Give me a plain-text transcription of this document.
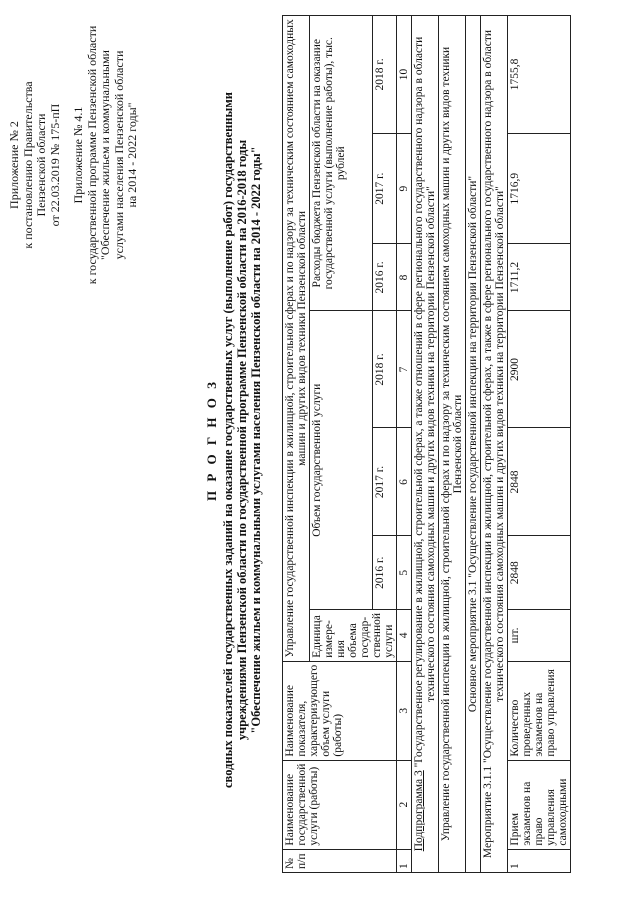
Приложение № 2 к постановлению Правительства Пензенской области от 22.03.2019 № 175-пП Приложение № 4.1 к государственной программе Пензенской области "Обеспечение жильем и коммунальными услугами населения Пензенской области на 2014 - 2022 годы"
П Р О Г Н О З сводных показателей государственных заданий на оказание государственных услуг (выполнение работ) государственными учреждениями Пензенской области по государственной программе Пензенской области на 2016-2018 годы "Обеспечение жильем и коммунальными услугами населения Пензенской области на 2014 - 2022 годы"
№ п/п	Наименование государственной услуги (работы)	Наименование показателя, характеризующего объем услуги (работы)	Управление государственной инспекции в жилищной, строительной сферах и по надзору за техническим состоянием самоходных машин и других видов техники Пензенской области						
			Единица измере-ния объема государ-ственной услуги	Объем государственной услуги			Расходы бюджета Пензенской области на оказание государственной услуги (выполнение работы), тыс. рублей		
				2016 г.	2017 г.	2018 г.	2016 г.	2017 г.	2018 г.
1	2	3	4	5	6	7	8	9	10
Подпрограмма 3 "Государственное регулирование в жилищной, строительной сферах, а также отношений в сфере регионального государственного надзора в области технического состояния самоходных машин и других видов техники на территории Пензенской области"									
Управление государственной инспекции в жилищной, строительной сферах и по надзору за техническим состоянием самоходных машин и других видов техники Пензенской области									
Основное мероприятие 3.1 "Осуществление государственной инспекции на территории Пензенской области"									
Мероприятие 3.1.1 "Осуществление государственной инспекции в жилищной, строительной сферах, а также в сфере регионального государственного надзора в области технического состояния самоходных машин и других видов техники на территории Пензенской области"									
1	Прием экзаменов на право управления самоходными	Количество проведенных экзаменов на право управления	шт.	2848	2848	2900	1711,2	1716,9	1755,8
